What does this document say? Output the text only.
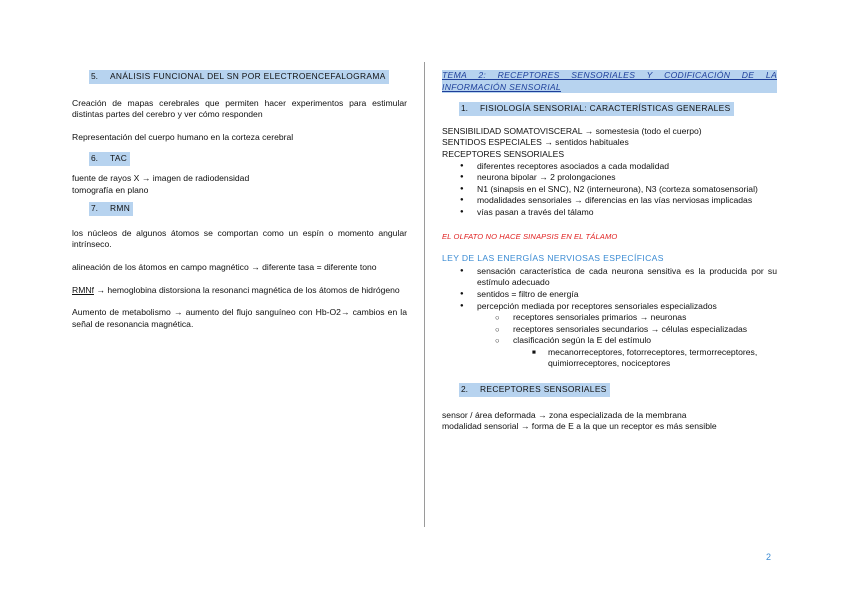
5.	ANÁLISIS FUNCIONAL DEL SN POR ELECTROENCEFALOGRAMA

Creación de mapas cerebrales que permiten hacer experimentos para estimular distintas partes del cerebro y ver cómo responden

Representación del cuerpo humano en la corteza cerebral

6.	TAC
fuente de rayos X → imagen de radiodensidad
tomografía en plano
7.	RMN

los núcleos de algunos átomos se comportan como un espín o momento angular intrínseco.

alineación de los átomos en campo magnético → diferente tasa = diferente tono

RMNf → hemoglobina distorsiona la resonanci magnética de los átomos de hidrógeno

Aumento de metabolismo → aumento del flujo sanguíneo con Hb-O2→ cambios en la señal de resonancia magnética.

TEMA 2: RECEPTORES SENSORIALES Y CODIFICACIÓN DE LA INFORMACIÓN SENSORIAL
1.	FISIOLOGÍA SENSORIAL: CARACTERÍSTICAS GENERALES
SENSIBILIDAD SOMATOVISCERAL → somestesia (todo el cuerpo)
SENTIDOS ESPECIALES → sentidos habituales
RECEPTORES SENSORIALES
● diferentes receptores asociados a cada modalidad
● neurona bipolar → 2 prolongaciones
● N1 (sinapsis en el SNC), N2 (interneurona), N3 (corteza somatosensorial)
● modalidades sensoriales → diferencias en las vías nerviosas implicadas
● vías pasan a través del tálamo
EL OLFATO NO HACE SINAPSIS EN EL TÁLAMO
LEY DE LAS ENERGÍAS NERVIOSAS ESPECÍFICAS
● sensación característica de cada neurona sensitiva es la producida por su estímulo adecuado
● sentidos = filtro de energía
● percepción mediada por receptores sensoriales especializados
○ receptores sensoriales primarios → neuronas
○ receptores sensoriales secundarios → células especializadas
○ clasificación según la E del estímulo
■ mecanorreceptores, fotorreceptores, termorreceptores, quimiorreceptores, nociceptores
2.	RECEPTORES SENSORIALES
sensor / área deformada → zona especializada de la membrana
modalidad sensorial → forma de E a la que un receptor es más sensible
2
